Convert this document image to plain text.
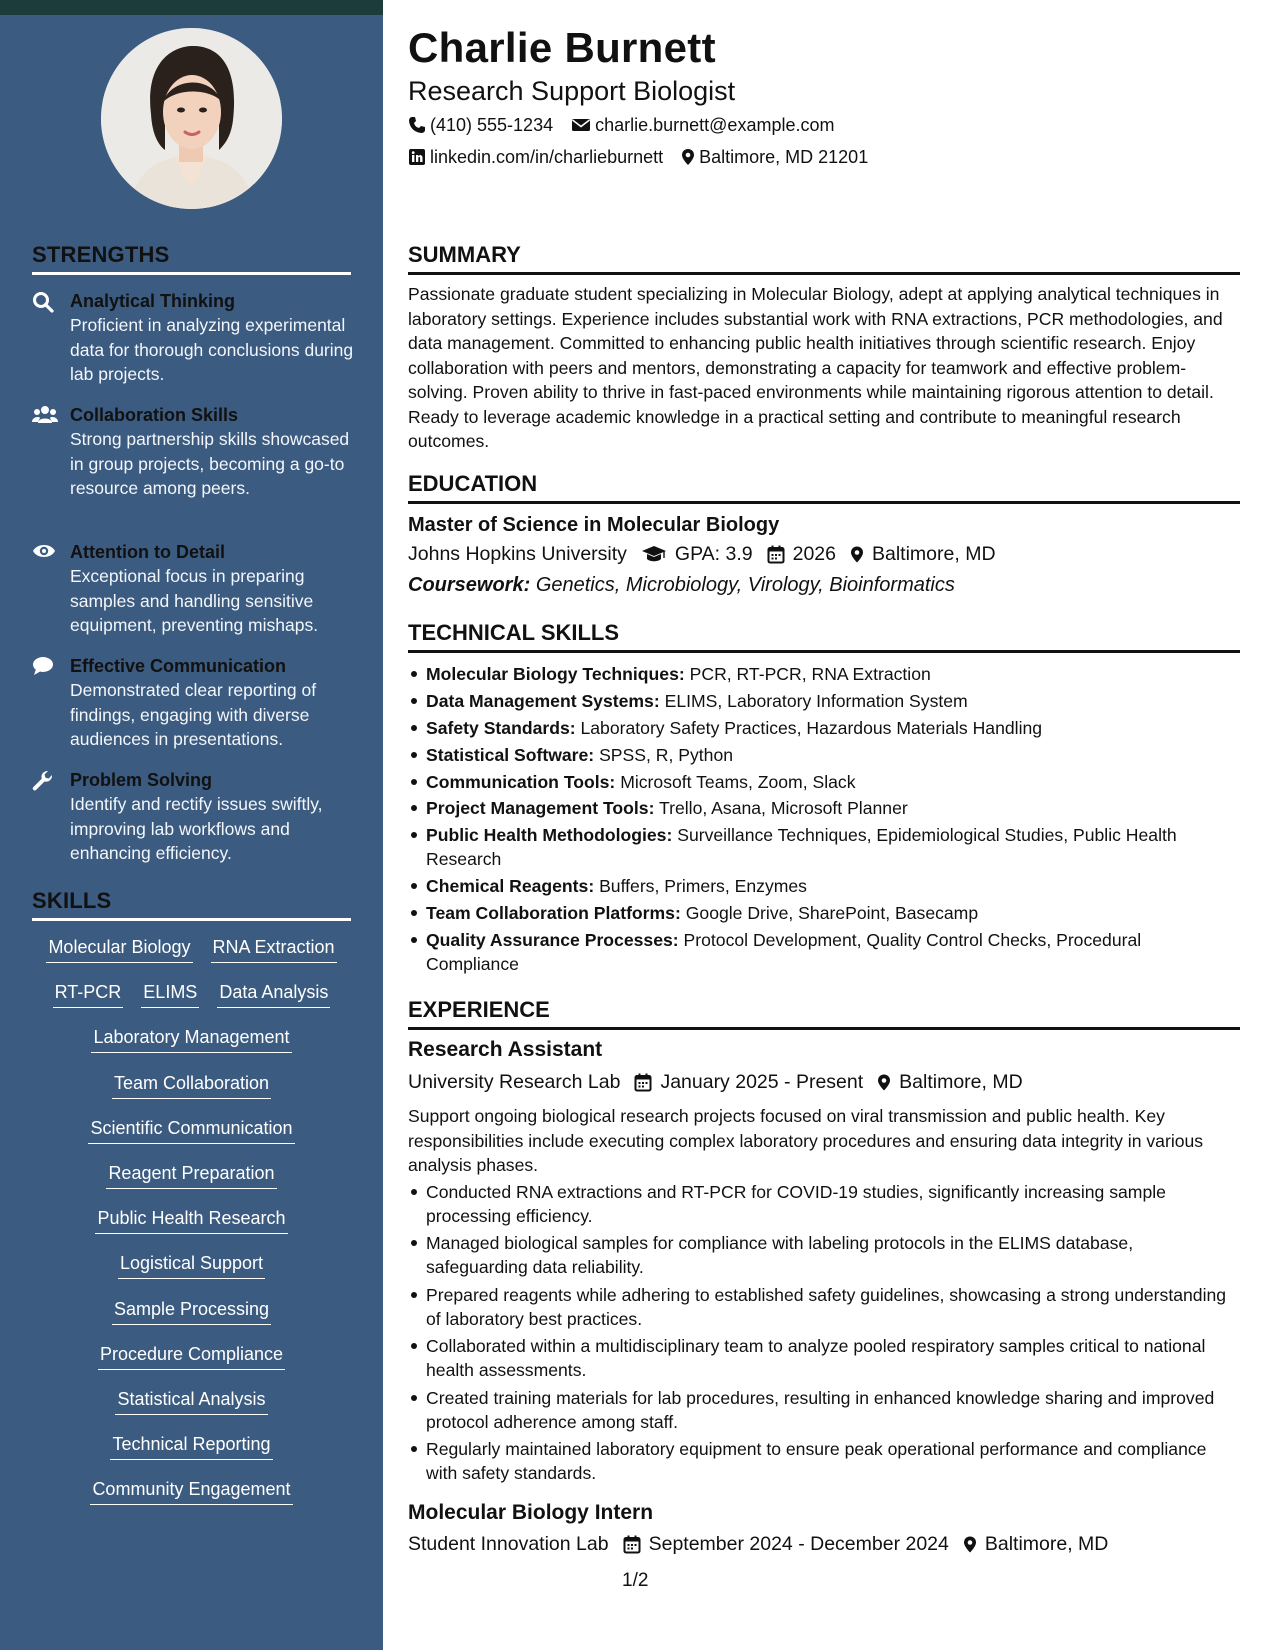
STRENGTHS
Analytical Thinking
Proficient in analyzing experimental data for thorough conclusions during lab projects.
Collaboration Skills
Strong partnership skills showcased in group projects, becoming a go-to resource among peers.
Attention to Detail
Exceptional focus in preparing samples and handling sensitive equipment, preventing mishaps.
Effective Communication
Demonstrated clear reporting of findings, engaging with diverse audiences in presentations.
Problem Solving
Identify and rectify issues swiftly, improving lab workflows and enhancing efficiency.
SKILLS
Molecular Biology RNA Extraction
RT-PCR ELIMS Data Analysis
Laboratory Management
Team Collaboration
Scientific Communication
Reagent Preparation
Public Health Research
Logistical Support
Sample Processing
Procedure Compliance
Statistical Analysis
Technical Reporting
Community Engagement
Charlie Burnett
Research Support Biologist
(410) 555-1234 charlie.burnett@example.com
linkedin.com/in/charlieburnett Baltimore, MD 21201
SUMMARY
Passionate graduate student specializing in Molecular Biology, adept at applying analytical techniques in laboratory settings. Experience includes substantial work with RNA extractions, PCR methodologies, and data management. Committed to enhancing public health initiatives through scientific research. Enjoy collaboration with peers and mentors, demonstrating a capacity for teamwork and effective problem-solving. Proven ability to thrive in fast-paced environments while maintaining rigorous attention to detail. Ready to leverage academic knowledge in a practical setting and contribute to meaningful research outcomes.
EDUCATION
Master of Science in Molecular Biology
Johns Hopkins University GPA: 3.9 2026 Baltimore, MD
Coursework: Genetics, Microbiology, Virology, Bioinformatics
TECHNICAL SKILLS
Molecular Biology Techniques: PCR, RT-PCR, RNA Extraction
Data Management Systems: ELIMS, Laboratory Information System
Safety Standards: Laboratory Safety Practices, Hazardous Materials Handling
Statistical Software: SPSS, R, Python
Communication Tools: Microsoft Teams, Zoom, Slack
Project Management Tools: Trello, Asana, Microsoft Planner
Public Health Methodologies: Surveillance Techniques, Epidemiological Studies, Public Health Research
Chemical Reagents: Buffers, Primers, Enzymes
Team Collaboration Platforms: Google Drive, SharePoint, Basecamp
Quality Assurance Processes: Protocol Development, Quality Control Checks, Procedural Compliance
EXPERIENCE
Research Assistant
University Research Lab January 2025 - Present Baltimore, MD
Support ongoing biological research projects focused on viral transmission and public health. Key responsibilities include executing complex laboratory procedures and ensuring data integrity in various analysis phases.
Conducted RNA extractions and RT-PCR for COVID-19 studies, significantly increasing sample processing efficiency.
Managed biological samples for compliance with labeling protocols in the ELIMS database, safeguarding data reliability.
Prepared reagents while adhering to established safety guidelines, showcasing a strong understanding of laboratory best practices.
Collaborated within a multidisciplinary team to analyze pooled respiratory samples critical to national health assessments.
Created training materials for lab procedures, resulting in enhanced knowledge sharing and improved protocol adherence among staff.
Regularly maintained laboratory equipment to ensure peak operational performance and compliance with safety standards.
Molecular Biology Intern
Student Innovation Lab September 2024 - December 2024 Baltimore, MD
1/2
